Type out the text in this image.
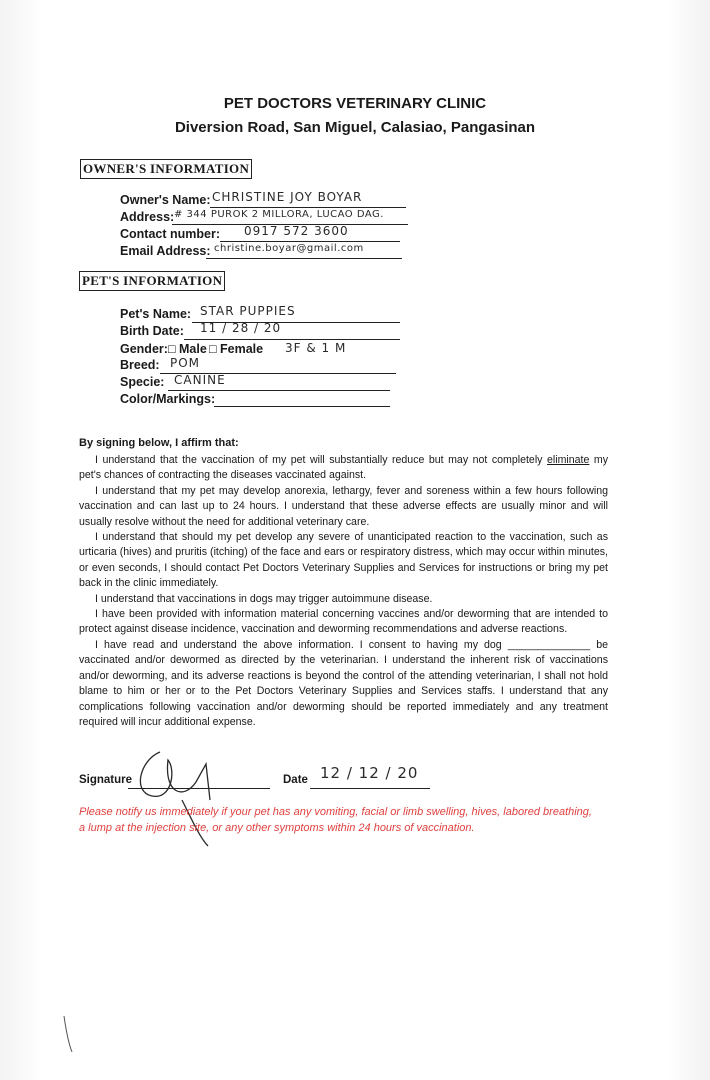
PET DOCTORS VETERINARY CLINIC
Diversion Road, San Miguel, Calasiao, Pangasinan
OWNER'S INFORMATION
Owner's Name: CHRISTINE JOY BOYAR
Address: # 344 PUROK 2 MILLORA, LUCAO DAG.
Contact number: 0917 572 3600
Email Address: christine.boyar@gmail.com
PET'S INFORMATION
Pet's Name: STAR PUPPIES
Birth Date: 11 / 28 / 20
Gender: □ Male □ Female 3F & 1 M
Breed: POM
Specie: CANINE
Color/Markings:
By signing below, I affirm that:

I understand that the vaccination of my pet will substantially reduce but may not completely eliminate my pet's chances of contracting the diseases vaccinated against.

I understand that my pet may develop anorexia, lethargy, fever and soreness within a few hours following vaccination and can last up to 24 hours. I understand that these adverse effects are usually minor and will usually resolve without the need for additional veterinary care.

I understand that should my pet develop any severe of unanticipated reaction to the vaccination, such as urticaria (hives) and pruritis (itching) of the face and ears or respiratory distress, which may occur within minutes, or even seconds, I should contact Pet Doctors Veterinary Supplies and Services for instructions or bring my pet back in the clinic immediately.

I understand that vaccinations in dogs may trigger autoimmune disease.

I have been provided with information material concerning vaccines and/or deworming that are intended to protect against disease incidence, vaccination and deworming recommendations and adverse reactions.

I have read and understand the above information. I consent to having my dog ______________ be vaccinated and/or dewormed as directed by the veterinarian. I understand the inherent risk of vaccinations and/or deworming, and its adverse reactions is beyond the control of the attending veterinarian, I shall not hold blame to him or her or to the Pet Doctors Veterinary Supplies and Services staffs. I understand that any complications following vaccination and/or deworming should be reported immediately and any treatment required will incur additional expense.

Signature	Date 12 / 12 / 20
Please notify us immediately if your pet has any vomiting, facial or limb swelling, hives, labored breathing, a lump at the injection site, or any other symptoms within 24 hours of vaccination.
